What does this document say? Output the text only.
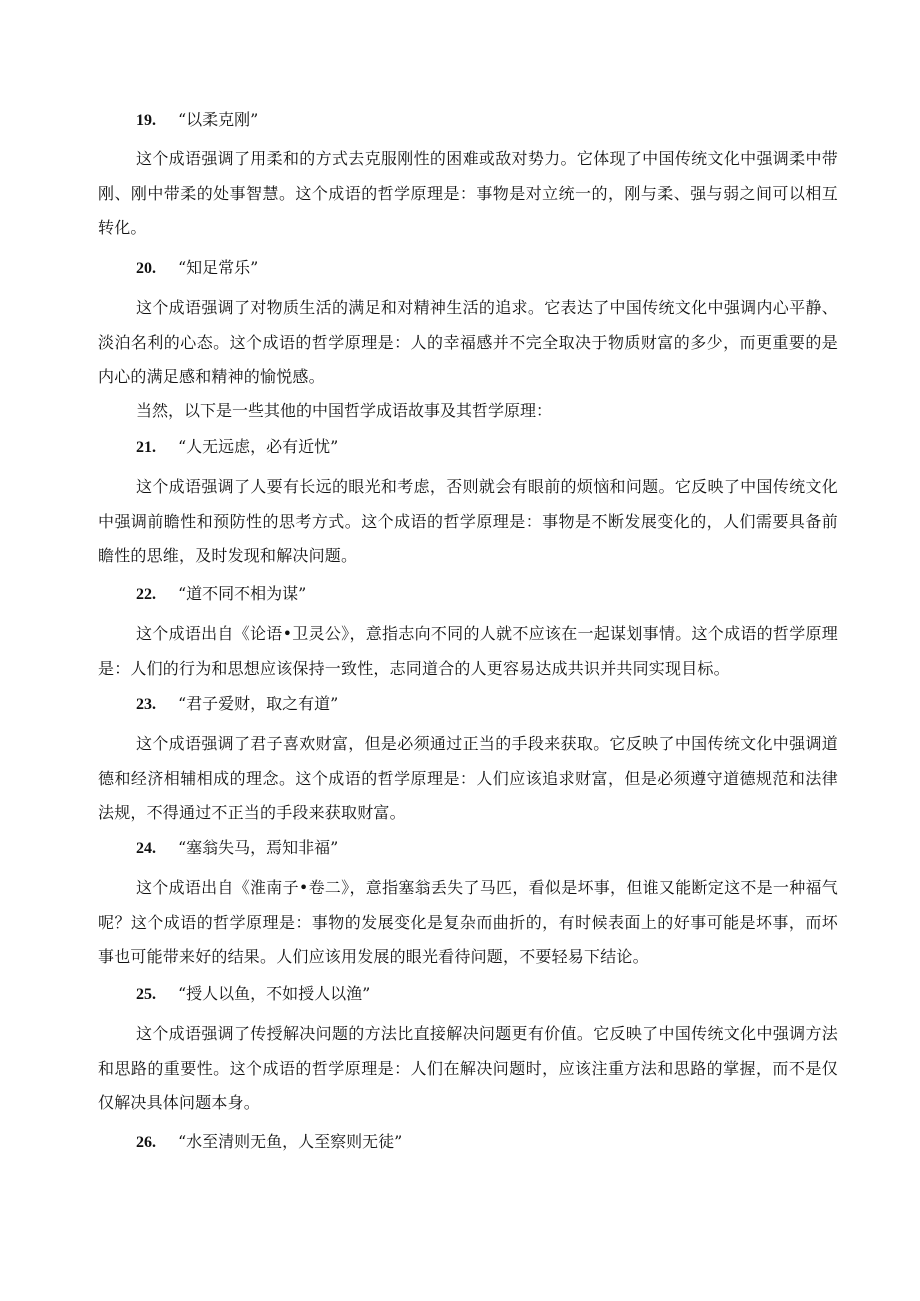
19. “以柔克刚”
这个成语强调了用柔和的方式去克服刚性的困难或敌对势力。它体现了中国传统文化中强调柔中带刚、刚中带柔的处事智慧。这个成语的哲学原理是：事物是对立统一的，刚与柔、强与弱之间可以相互转化。
20. “知足常乐”
这个成语强调了对物质生活的满足和对精神生活的追求。它表达了中国传统文化中强调内心平静、淡泊名利的心态。这个成语的哲学原理是：人的幸福感并不完全取决于物质财富的多少，而更重要的是内心的满足感和精神的愉悦感。
当然，以下是一些其他的中国哲学成语故事及其哲学原理：
21. “人无远虑，必有近忧”
这个成语强调了人要有长远的眼光和考虑，否则就会有眼前的烦恼和问题。它反映了中国传统文化中强调前瞻性和预防性的思考方式。这个成语的哲学原理是：事物是不断发展变化的，人们需要具备前瞻性的思维，及时发现和解决问题。
22. “道不同不相为谋”
这个成语出自《论语•卫灵公》，意指志向不同的人就不应该在一起谋划事情。这个成语的哲学原理是：人们的行为和思想应该保持一致性，志同道合的人更容易达成共识并共同实现目标。
23. “君子爱财，取之有道”
这个成语强调了君子喜欢财富，但是必须通过正当的手段来获取。它反映了中国传统文化中强调道德和经济相辅相成的理念。这个成语的哲学原理是：人们应该追求财富，但是必须遵守道德规范和法律法规，不得通过不正当的手段来获取财富。
24. “塞翁失马，焉知非福”
这个成语出自《淮南子•卷二》，意指塞翁丢失了马匹，看似是坏事，但谁又能断定这不是一种福气呢？这个成语的哲学原理是：事物的发展变化是复杂而曲折的，有时候表面上的好事可能是坏事，而坏事也可能带来好的结果。人们应该用发展的眼光看待问题，不要轻易下结论。
25. “授人以鱼，不如授人以渔”
这个成语强调了传授解决问题的方法比直接解决问题更有价值。它反映了中国传统文化中强调方法和思路的重要性。这个成语的哲学原理是：人们在解决问题时，应该注重方法和思路的掌握，而不是仅仅解决具体问题本身。
26. “水至清则无鱼，人至察则无徒”
